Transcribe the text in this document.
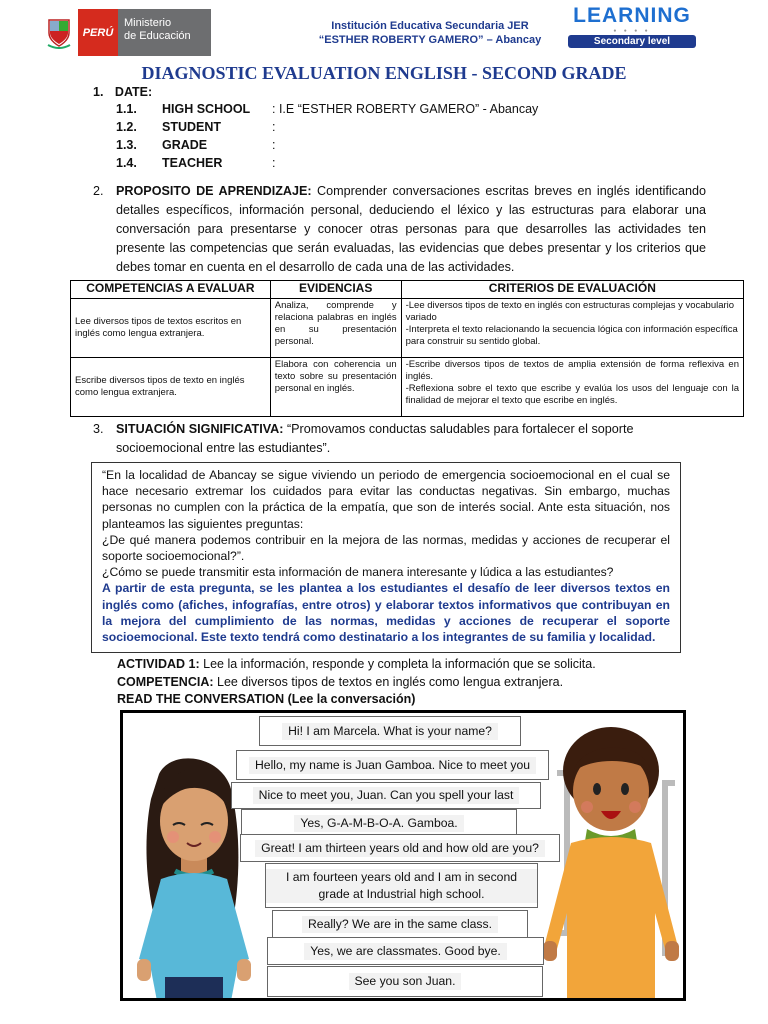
PERÚ
Ministerio
de Educación
Institución Educativa Secundaria JER
“ESTHER ROBERTY GAMERO” – Abancay
LEARNING
● ● ● ●
Secondary level
DIAGNOSTIC EVALUATION ENGLISH - SECOND GRADE
1. DATE:
1.1.	HIGH SCHOOL	: I.E “ESTHER ROBERTY GAMERO” - Abancay
1.2.	STUDENT	:
1.3.	GRADE	:
1.4.	TEACHER	:
2. PROPOSITO DE APRENDIZAJE: Comprender conversaciones escritas breves en inglés identificando detalles específicos, información personal, deduciendo el léxico y las estructuras para elaborar una conversación para presentarse y conocer otras personas para que desarrolles las actividades ten presente las competencias que serán evaluadas, las evidencias que debes presentar y los criterios que debes tomar en cuenta en el desarrollo de cada una de las actividades.
COMPETENCIAS A EVALUAR	EVIDENCIAS	CRITERIOS DE EVALUACIÓN
Lee diversos tipos de textos escritos en inglés como lengua extranjera.	Analiza, comprende y relaciona palabras en inglés en su presentación personal.	-Lee diversos tipos de texto en inglés con estructuras complejas y vocabulario variado
-Interpreta el texto relacionando la secuencia lógica con información específica para construir su sentido global.

Escribe diversos tipos de texto en inglés como lengua extranjera.	Elabora con coherencia un texto sobre su presentación personal en inglés.	-Escribe diversos tipos de textos de amplia extensión de forma reflexiva en inglés.
-Reflexiona sobre el texto que escribe y evalúa los usos del lenguaje con la finalidad de mejorar el texto que escribe en inglés.
3. SITUACIÓN SIGNIFICATIVA: “Promovamos conductas saludables para fortalecer el soporte socioemocional entre las estudiantes”.
“En la localidad de Abancay se sigue viviendo un periodo de emergencia socioemocional en el cual se hace necesario extremar los cuidados para evitar las conductas negativas. Sin embargo, muchas personas no cumplen con la práctica de la empatía, que son de interés social. Ante esta situación, nos planteamos las siguientes preguntas:
¿De qué manera podemos contribuir en la mejora de las normas, medidas y acciones de recuperar el soporte socioemocional?”.
¿Cómo se puede transmitir esta información de manera interesante y lúdica a las estudiantes?
A partir de esta pregunta, se les plantea a los estudiantes el desafío de leer diversos textos en inglés como (afiches, infografías, entre otros) y elaborar textos informativos que contribuyan en la mejora del cumplimiento de las normas, medidas y acciones de recuperar el soporte socioemocional. Este texto tendrá como destinatario a los integrantes de su familia y localidad.
ACTIVIDAD 1: Lee la información, responde y completa la información que se solicita.
COMPETENCIA: Lee diversos tipos de textos en inglés como lengua extranjera.
READ THE CONVERSATION (Lee la conversación)
Hi! I am Marcela. What is your name?
Hello, my name is Juan Gamboa. Nice to meet you
Nice to meet you, Juan. Can you spell your last
Yes, G-A-M-B-O-A. Gamboa.
Great! I am thirteen years old and how old are you?
I am fourteen years old and I am in second grade at Industrial high school.
Really? We are in the same class.
Yes, we are classmates. Good bye.
See you son Juan.
